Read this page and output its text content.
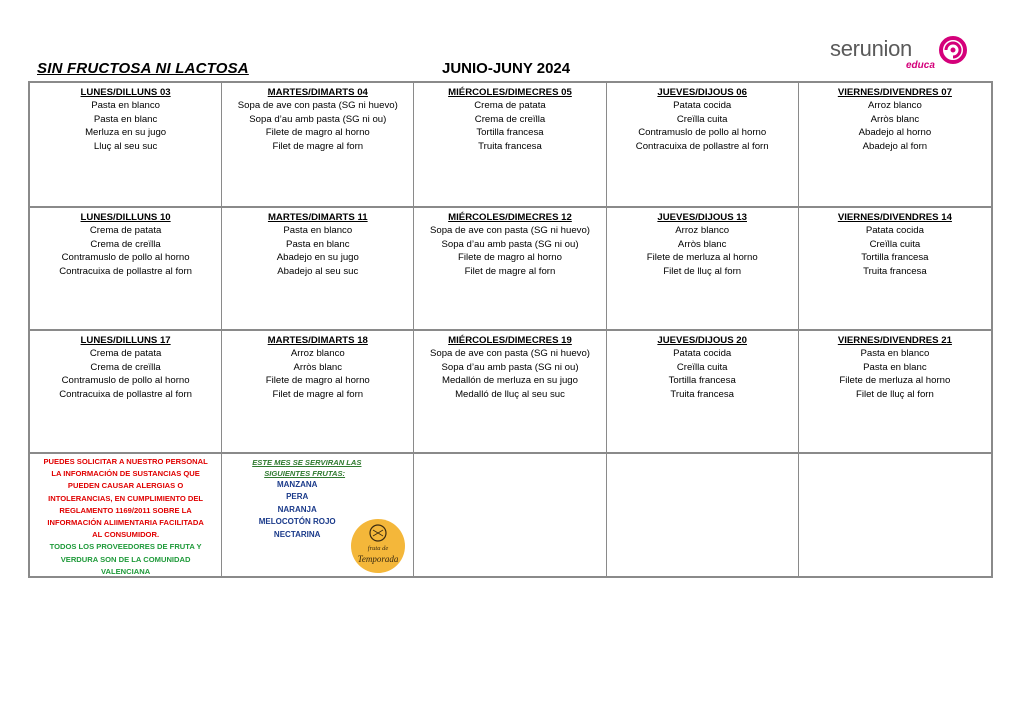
SIN FRUCTOSA NI LACTOSA	JUNIO-JUNY 2024
serunion
educa
LUNES/DILLUNS 03
Pasta en blanco
Pasta en blanc
Merluza en su jugo
Lluç al seu suc
MARTES/DIMARTS 04
Sopa de ave con pasta (SG ni huevo)
Sopa d’au amb pasta (SG ni ou)
Filete de magro al horno
Filet de magre al forn
MIÉRCOLES/DIMECRES 05
Crema de patata
Crema de creïlla
Tortilla francesa
Truita francesa
JUEVES/DIJOUS 06
Patata cocida
Creïlla cuita
Contramuslo de pollo al horno
Contracuixa de pollastre al forn
VIERNES/DIVENDRES 07
Arroz blanco
Arròs blanc
Abadejo al horno
Abadejo al forn
LUNES/DILLUNS 10
Crema de patata
Crema de creïlla
Contramuslo de pollo al horno
Contracuixa de pollastre al forn
MARTES/DIMARTS 11
Pasta en blanco
Pasta en blanc
Abadejo en su jugo
Abadejo al seu suc
MIÉRCOLES/DIMECRES 12
Sopa de ave con pasta (SG ni huevo)
Sopa d’au amb pasta (SG ni ou)
Filete de magro al horno
Filet de magre al forn
JUEVES/DIJOUS 13
Arroz blanco
Arròs blanc
Filete de merluza al horno
Filet de lluç al forn
VIERNES/DIVENDRES 14
Patata cocida
Creïlla cuita
Tortilla francesa
Truita francesa
LUNES/DILLUNS 17
Crema de patata
Crema de creïlla
Contramuslo de pollo al horno
Contracuixa de pollastre al forn
MARTES/DIMARTS 18
Arroz blanco
Arròs blanc
Filete de magro al horno
Filet de magre al forn
MIÉRCOLES/DIMECRES 19
Sopa de ave con pasta (SG ni huevo)
Sopa d’au amb pasta (SG ni ou)
Medallón de merluza en su jugo
Medalló de lluç al seu suc
JUEVES/DIJOUS 20
Patata cocida
Creïlla cuita
Tortilla francesa
Truita francesa
VIERNES/DIVENDRES 21
Pasta en blanco
Pasta en blanc
Filete de merluza al horno
Filet de lluç al forn
PUEDES SOLICITAR A NUESTRO PERSONAL
LA INFORMACIÓN DE SUSTANCIAS QUE
PUEDEN CAUSAR ALERGIAS O
INTOLERANCIAS, EN CUMPLIMIENTO DEL
REGLAMENTO 1169/2011 SOBRE LA
INFORMACIÓN ALIIMENTARIA FACILITADA
AL CONSUMIDOR.
TODOS LOS PROVEEDORES DE FRUTA Y
VERDURA SON DE LA COMUNIDAD
VALENCIANA
ESTE MES SE SERVIRAN LAS
SIGUIENTES FRUTAS:
MANZANA
PERA
NARANJA
MELOCOTÓN ROJO
NECTARINA
fruta de
Temporada
